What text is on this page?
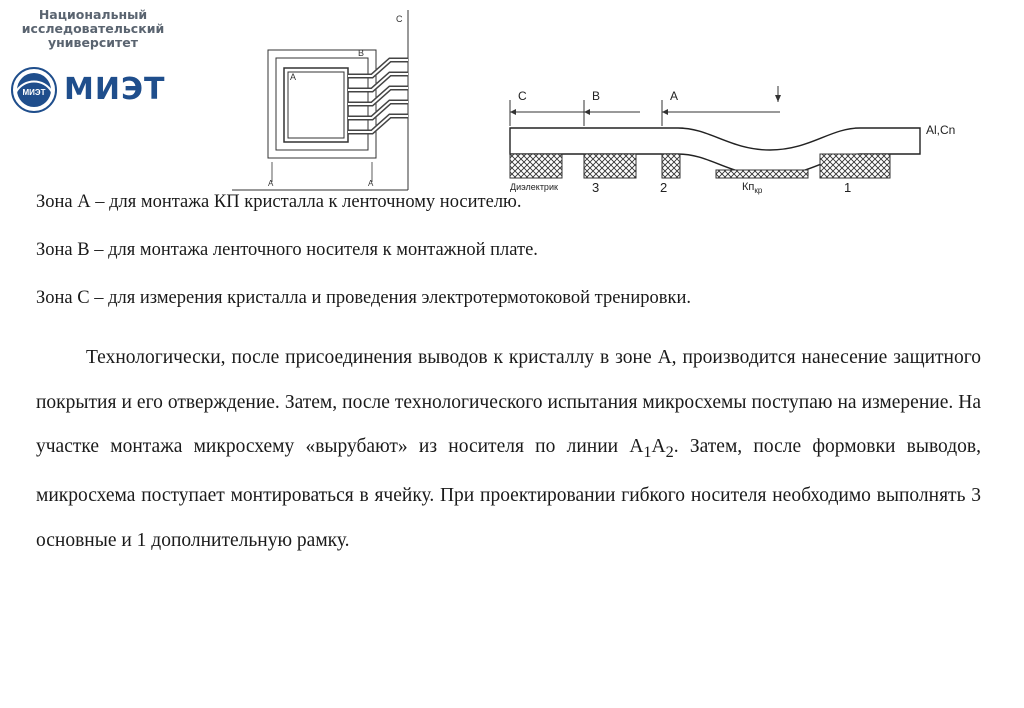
Национальный
исследовательский
университет
МИЭТ МИЭТ	A
B
C
A	A
C	B	A
Al,Cn
Диэлектрик	3	2	$Кп_{кр}$	1
Зона А – для монтажа КП кристалла к ленточному носителю.
Зона В – для монтажа ленточного носителя к монтажной плате.
Зона С – для измерения кристалла и проведения электротермотоковой тренировки.
Технологически, после присоединения выводов к кристаллу в зоне А, производится нанесение защитного покрытия и его отверждение. Затем, после технологического испытания микросхемы поступаю на измерение. На участке монтажа микросхему «вырубают» из носителя по линии $A_1A_2$. Затем, после формовки выводов, микросхема поступает монтироваться в ячейку. При проектировании гибкого носителя необходимо выполнять 3 основные и 1 дополнительную рамку.
